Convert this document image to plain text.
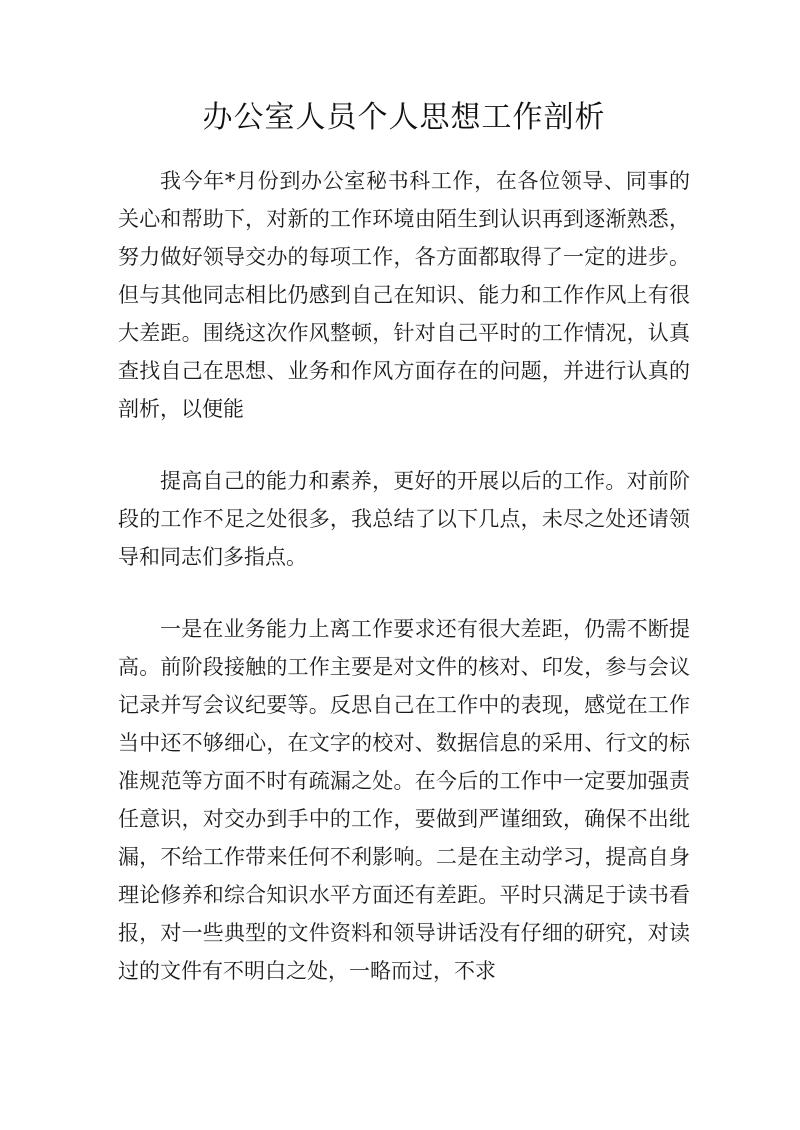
办公室人员个人思想工作剖析

我今年*月份到办公室秘书科工作，在各位领导、同事的关心和帮助下，对新的工作环境由陌生到认识再到逐渐熟悉，努力做好领导交办的每项工作，各方面都取得了一定的进步。但与其他同志相比仍感到自己在知识、能力和工作作风上有很大差距。围绕这次作风整顿，针对自己平时的工作情况，认真查找自己在思想、业务和作风方面存在的问题，并进行认真的剖析，以便能

提高自己的能力和素养，更好的开展以后的工作。对前阶段的工作不足之处很多，我总结了以下几点，未尽之处还请领导和同志们多指点。

一是在业务能力上离工作要求还有很大差距，仍需不断提高。前阶段接触的工作主要是对文件的核对、印发，参与会议记录并写会议纪要等。反思自己在工作中的表现，感觉在工作当中还不够细心，在文字的校对、数据信息的采用、行文的标准规范等方面不时有疏漏之处。在今后的工作中一定要加强责任意识，对交办到手中的工作，要做到严谨细致，确保不出纰漏，不给工作带来任何不利影响。二是在主动学习，提高自身理论修养和综合知识水平方面还有差距。平时只满足于读书看报，对一些典型的文件资料和领导讲话没有仔细的研究，对读过的文件有不明白之处，一略而过，不求
